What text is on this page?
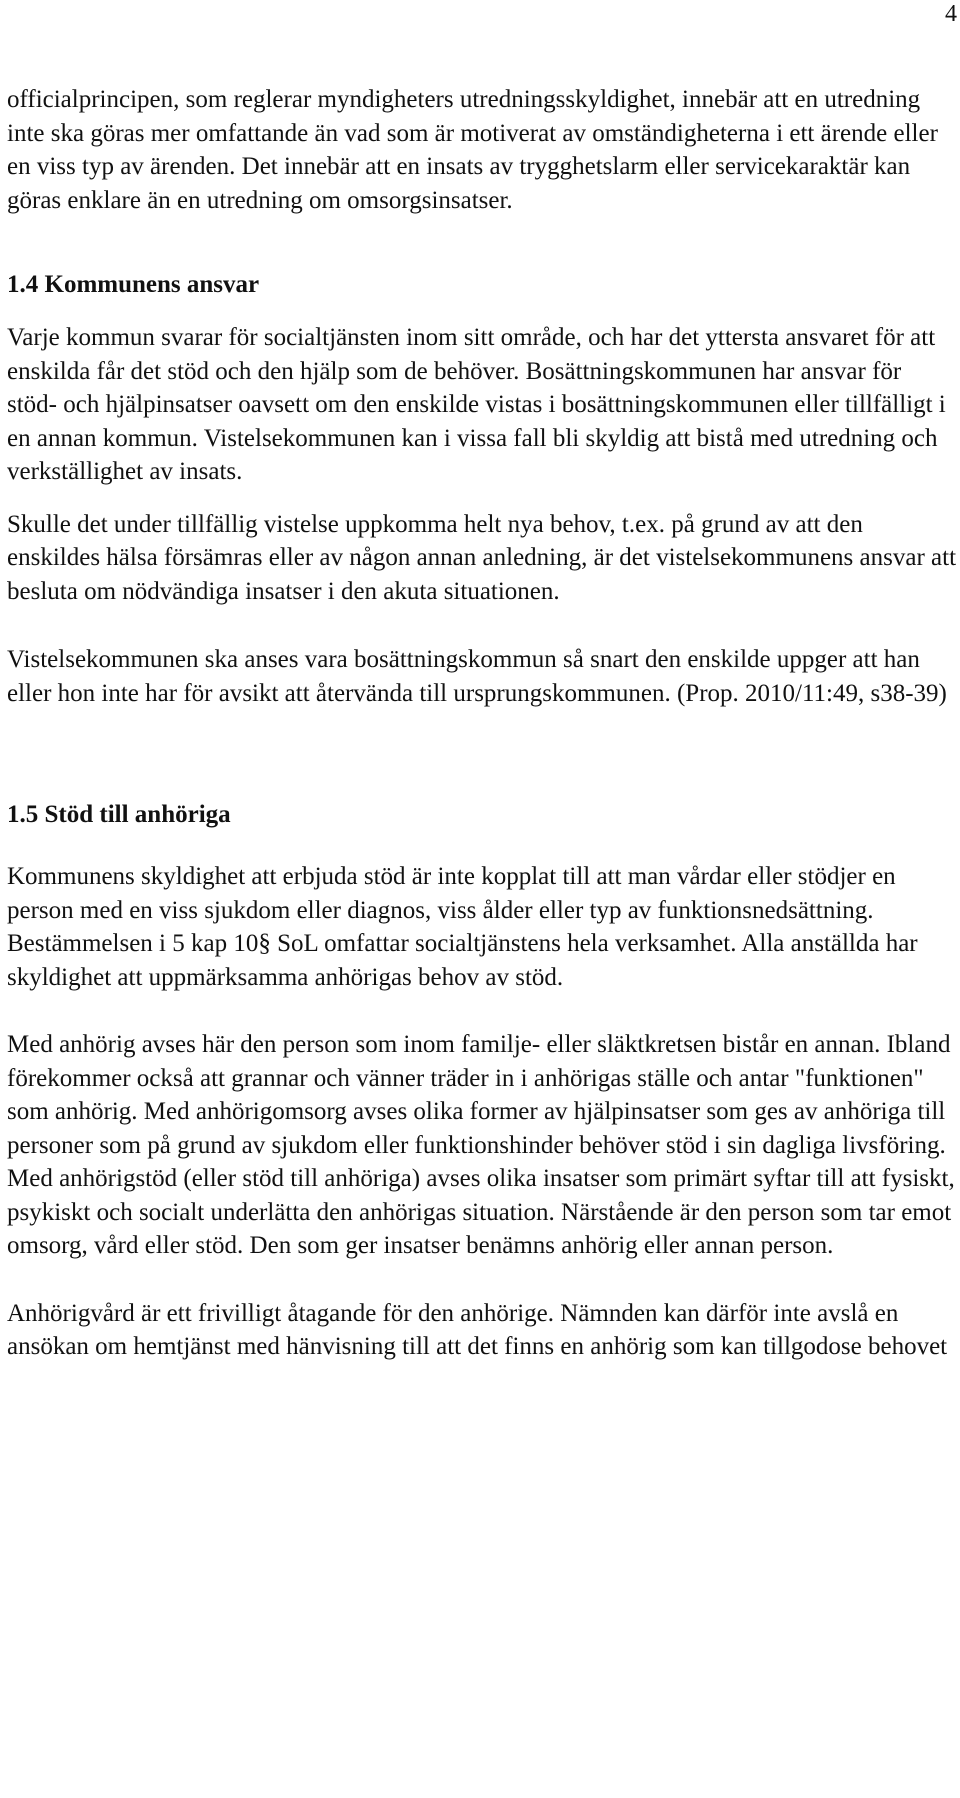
4

officialprincipen, som reglerar myndigheters utredningsskyldighet, innebär att en utredning inte ska göras mer omfattande än vad som är motiverat av omständigheterna i ett ärende eller en viss typ av ärenden. Det innebär att en insats av trygghetslarm eller servicekaraktär kan göras enklare än en utredning om omsorgsinsatser.

1.4 Kommunens ansvar

Varje kommun svarar för socialtjänsten inom sitt område, och har det yttersta ansvaret för att enskilda får det stöd och den hjälp som de behöver. Bosättningskommunen har ansvar för stöd- och hjälpinsatser oavsett om den enskilde vistas i bosättningskommunen eller tillfälligt i en annan kommun. Vistelsekommunen kan i vissa fall bli skyldig att bistå med utredning och verkställighet av insats.

Skulle det under tillfällig vistelse uppkomma helt nya behov, t.ex. på grund av att den enskildes hälsa försämras eller av någon annan anledning, är det vistelsekommunens ansvar att besluta om nödvändiga insatser i den akuta situationen.

Vistelsekommunen ska anses vara bosättningskommun så snart den enskilde uppger att han eller hon inte har för avsikt att återvända till ursprungskommunen. (Prop. 2010/11:49, s38-39)

1.5 Stöd till anhöriga

Kommunens skyldighet att erbjuda stöd är inte kopplat till att man vårdar eller stödjer en person med en viss sjukdom eller diagnos, viss ålder eller typ av funktionsnedsättning.

Bestämmelsen i 5 kap 10§ SoL omfattar socialtjänstens hela verksamhet. Alla anställda har skyldighet att uppmärksamma anhörigas behov av stöd.

Med anhörig avses här den person som inom familje- eller släktkretsen bistår en annan. Ibland förekommer också att grannar och vänner träder in i anhörigas ställe och antar "funktionen" som anhörig. Med anhörigomsorg avses olika former av hjälpinsatser som ges av anhöriga till personer som på grund av sjukdom eller funktionshinder behöver stöd i sin dagliga livsföring. Med anhörigstöd (eller stöd till anhöriga) avses olika insatser som primärt syftar till att fysiskt, psykiskt och socialt underlätta den anhörigas situation. Närstående är den person som tar emot omsorg, vård eller stöd. Den som ger insatser benämns anhörig eller annan person.

Anhörigvård är ett frivilligt åtagande för den anhörige. Nämnden kan därför inte avslå en ansökan om hemtjänst med hänvisning till att det finns en anhörig som kan tillgodose behovet
